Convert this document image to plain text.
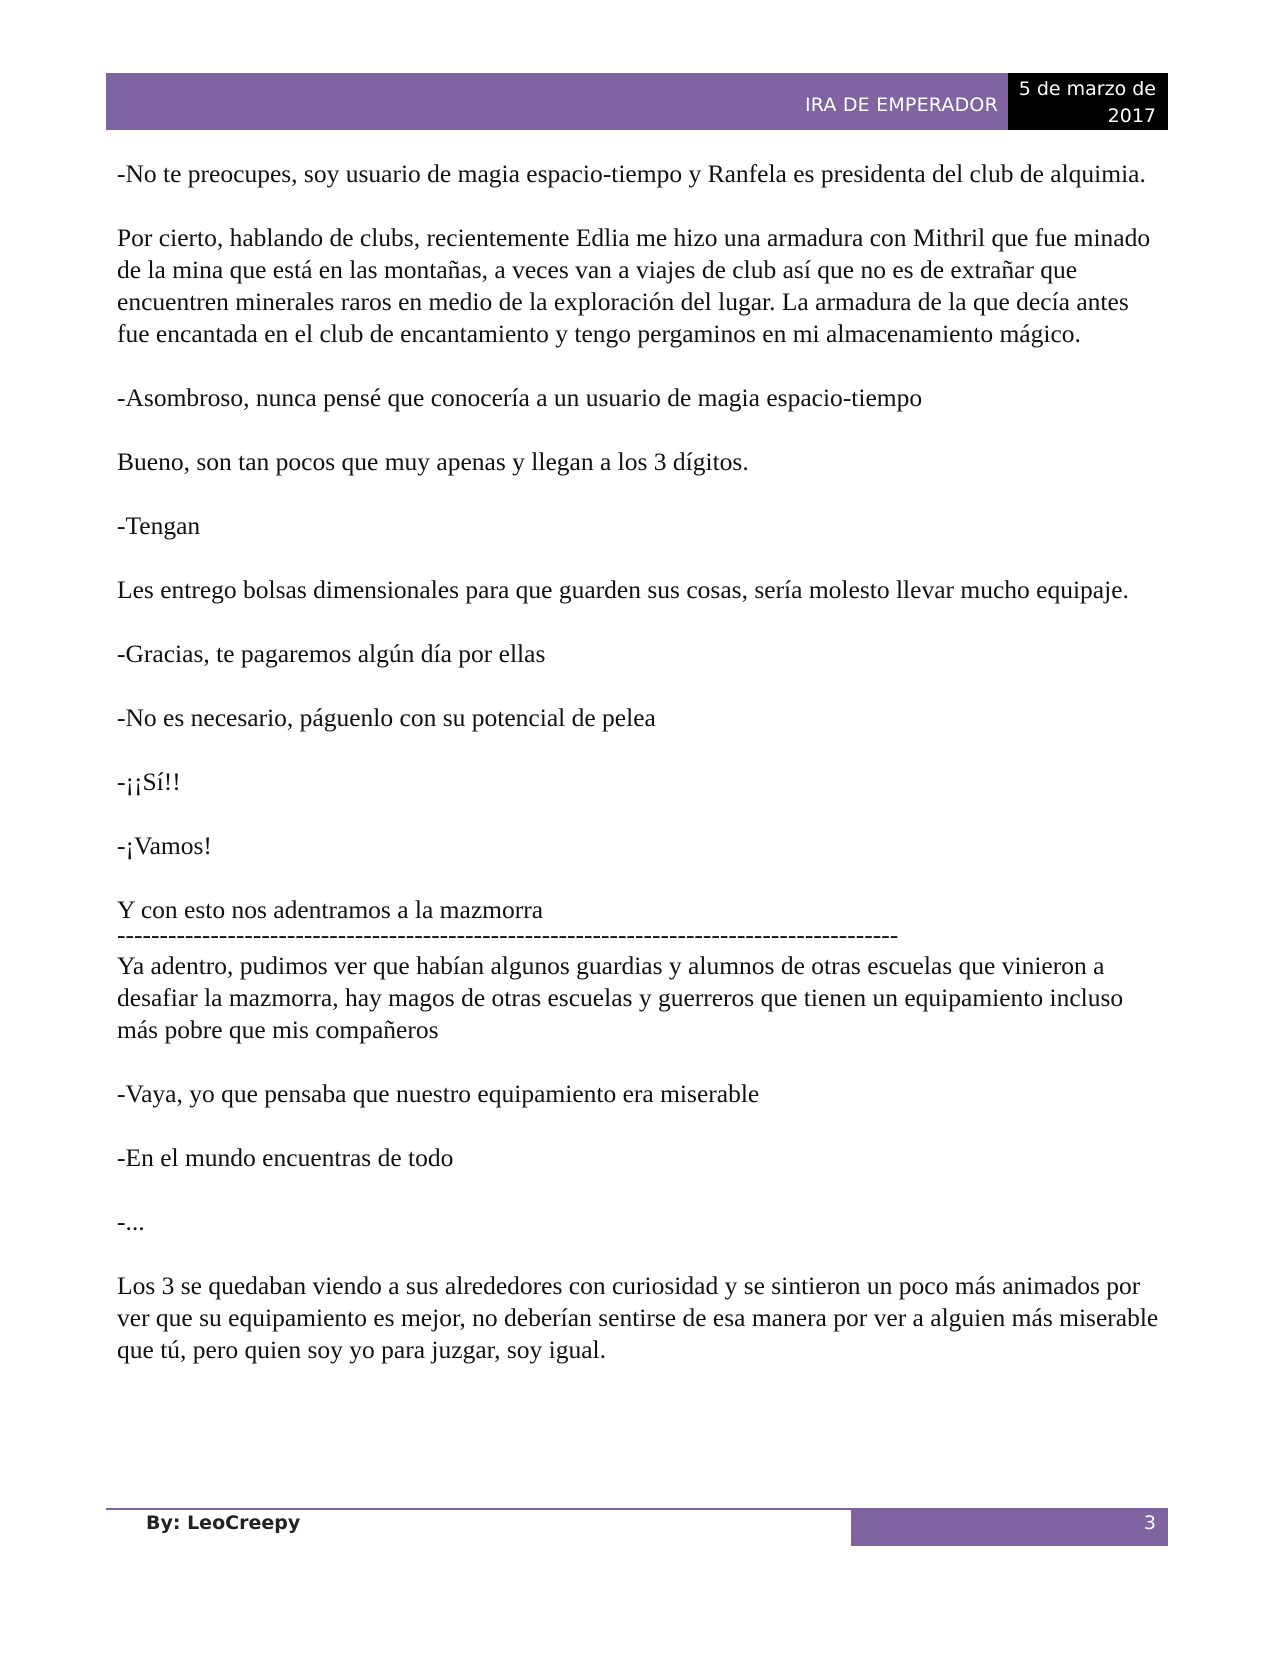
IRA DE EMPERADOR
5 de marzo de
2017

-No te preocupes, soy usuario de magia espacio-tiempo y Ranfela es presidenta del club de alquimia.

Por cierto, hablando de clubs, recientemente Edlia me hizo una armadura con Mithril que fue minado de la mina que está en las montañas, a veces van a viajes de club así que no es de extrañar que encuentren minerales raros en medio de la exploración del lugar. La armadura de la que decía antes fue encantada en el club de encantamiento y tengo pergaminos en mi almacenamiento mágico.

-Asombroso, nunca pensé que conocería a un usuario de magia espacio-tiempo

Bueno, son tan pocos que muy apenas y llegan a los 3 dígitos.

-Tengan

Les entrego bolsas dimensionales para que guarden sus cosas, sería molesto llevar mucho equipaje.

-Gracias, te pagaremos algún día por ellas

-No es necesario, páguenlo con su potencial de pelea

-¡¡Sí!!

-¡Vamos!

Y con esto nos adentramos a la mazmorra

--------------------------------------------------------------------------------------------

Ya adentro, pudimos ver que habían algunos guardias y alumnos de otras escuelas que vinieron a desafiar la mazmorra, hay magos de otras escuelas y guerreros que tienen un equipamiento incluso más pobre que mis compañeros

-Vaya, yo que pensaba que nuestro equipamiento era miserable

-En el mundo encuentras de todo

-...

Los 3 se quedaban viendo a sus alrededores con curiosidad y se sintieron un poco más animados por ver que su equipamiento es mejor, no deberían sentirse de esa manera por ver a alguien más miserable que tú, pero quien soy yo para juzgar, soy igual.

By: LeoCreepy	3
